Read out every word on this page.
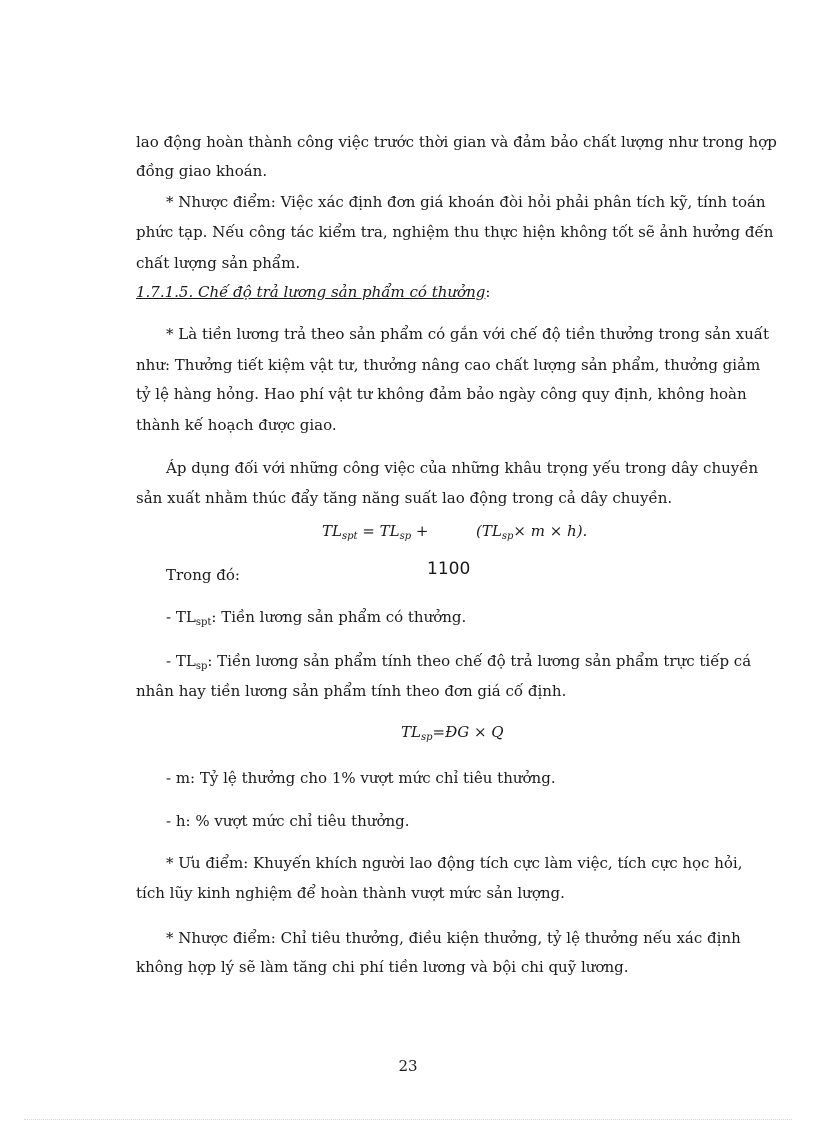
lao động hoàn thành công việc trước thời gian và đảm bảo chất lượng như trong hợp
đồng giao khoán.
* Nhược điểm: Việc xác định đơn giá khoán đòi hỏi phải phân tích kỹ, tính toán
phức tạp. Nếu công tác kiểm tra, nghiệm thu thực hiện không tốt sẽ ảnh hưởng đến
chất lượng sản phẩm.
1.7.1.5. Chế độ trả lương sản phẩm có thưởng:
* Là tiền lương trả theo sản phẩm có gắn với chế độ tiền thưởng trong sản xuất
như: Thưởng tiết kiệm vật tư, thưởng nâng cao chất lượng sản phẩm, thưởng giảm
tỷ lệ hàng hỏng. Hao phí vật tư không đảm bảo ngày công quy định, không hoàn
thành kế hoạch được giao.
Áp dụng đối với những công việc của những khâu trọng yếu trong dây chuyền
sản xuất nhằm thúc đẩy tăng năng suất lao động trong cả dây chuyền.
$TL_{spt} = TL_{sp}$ +	$(TL_{sp}\times m \times h)$.
1100
Trong đó:
- $TL_{spt}$: Tiền lương sản phẩm có thưởng.
- $TL_{sp}$: Tiền lương sản phẩm tính theo chế độ trả lương sản phẩm trực tiếp cá
nhân hay tiền lương sản phẩm tính theo đơn giá cố định.
$TL_{sp}=ĐG \times Q$
- m: Tỷ lệ thưởng cho 1% vượt mức chỉ tiêu thưởng.
- h: % vượt mức chỉ tiêu thưởng.
* Ưu điểm: Khuyến khích người lao động tích cực làm việc, tích cực học hỏi,
tích lũy kinh nghiệm để hoàn thành vượt mức sản lượng.
* Nhược điểm: Chỉ tiêu thưởng, điều kiện thưởng, tỷ lệ thưởng nếu xác định
không hợp lý sẽ làm tăng chi phí tiền lương và bội chi quỹ lương.
23
